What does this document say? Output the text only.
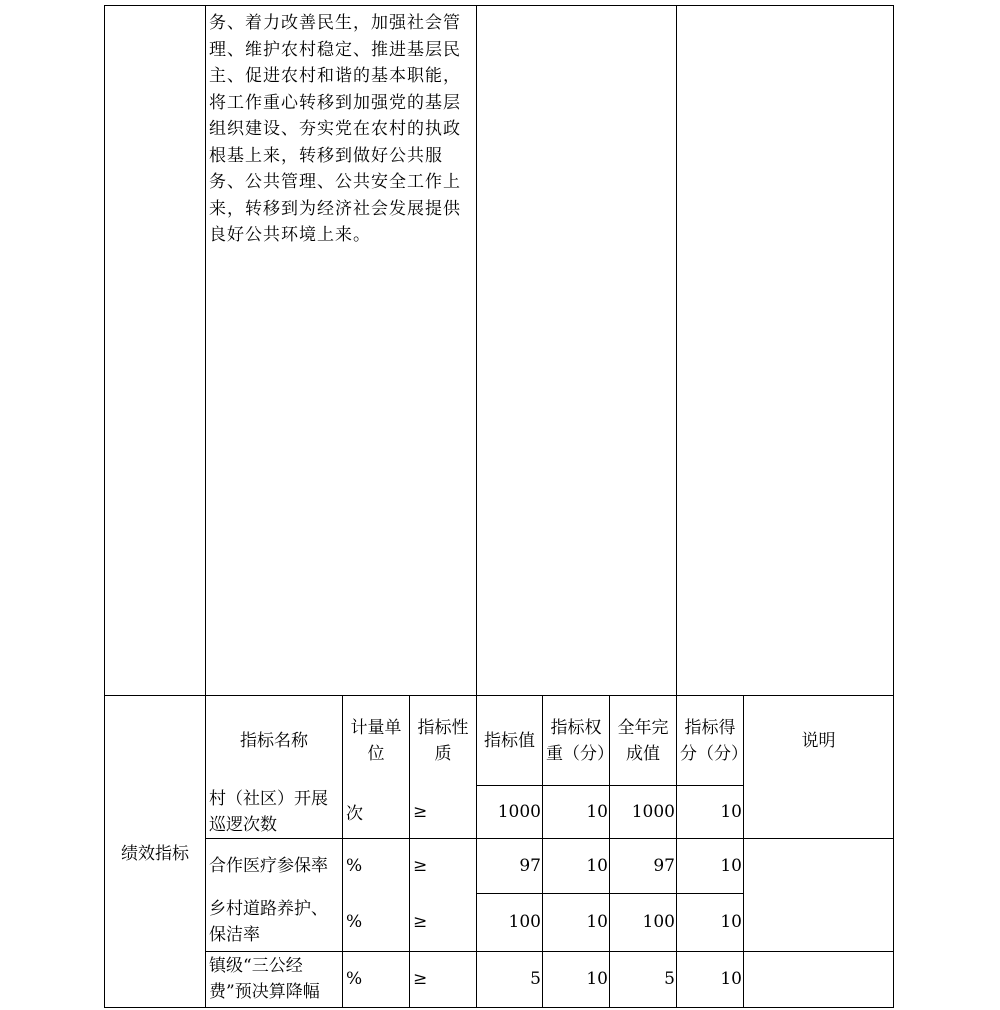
	务、着力改善民生，加强社会管理、维护农村稳定、推进基层民主、促进农村和谐的基本职能，将工作重心转移到加强党的基层组织建设、夯实党在农村的执政根基上来，转移到做好公共服务、公共管理、公共安全工作上来，转移到为经济社会发展提供良好公共环境上来。							
绩效指标	指标名称	计量单位	指标性质	指标值	指标权重（分）	全年完成值	指标得分（分）	说明
	村（社区）开展巡逻次数	次	≥	1000	10	1000	10	
	合作医疗参保率	%	≥	97	10	97	10	
	乡村道路养护、保洁率	%	≥	100	10	100	10	
	镇级“三公经费”预决算降幅	%	≥	5	10	5	10	
